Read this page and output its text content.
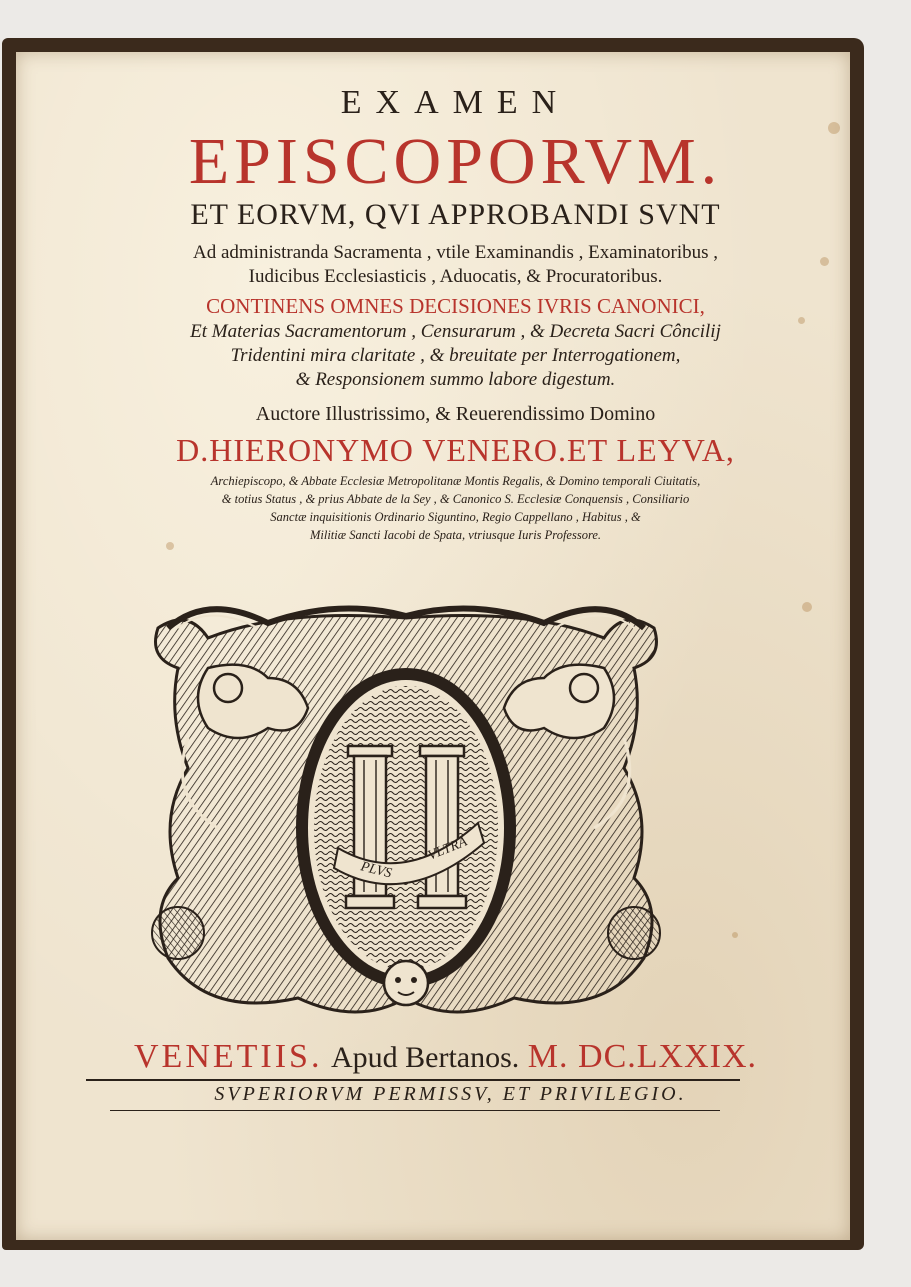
EXAMEN
EPISCOPORVM.
ET EORVM, QVI APPROBANDI SVNT
Ad administranda Sacramenta , vtile Examinandis , Examinatoribus ,
Iudicibus Ecclesiasticis , Aduocatis, & Procuratoribus.
CONTINENS OMNES DECISIONES IVRIS CANONICI,
Et Materias Sacramentorum , Censurarum , & Decreta Sacri Côncilij
Tridentini mira claritate , & breuitate per Interrogationem,
& Responsionem summo labore digestum.
Auctore Illustrissimo, & Reuerendissimo Domino
D.HIERONYMO VENERO.ET LEYVA,
Archiepiscopo, & Abbate Ecclesiæ Metropolitanæ Montis Regalis, & Domino temporali Ciuitatis,
& totius Status , & prius Abbate de la Sey , & Canonico S. Ecclesiæ Conquensis , Consiliario
Sanctæ inquisitionis Ordinario Siguntino, Regio Cappellano , Habitus , &
Militiæ Sancti Iacobi de Spata, vtriusque Iuris Professore.
PLVS
VLTRA
VENETIIS. Apud Bertanos. M. DC.LXXIX.
SVPERIORVM PERMISSV, ET PRIVILEGIO.
